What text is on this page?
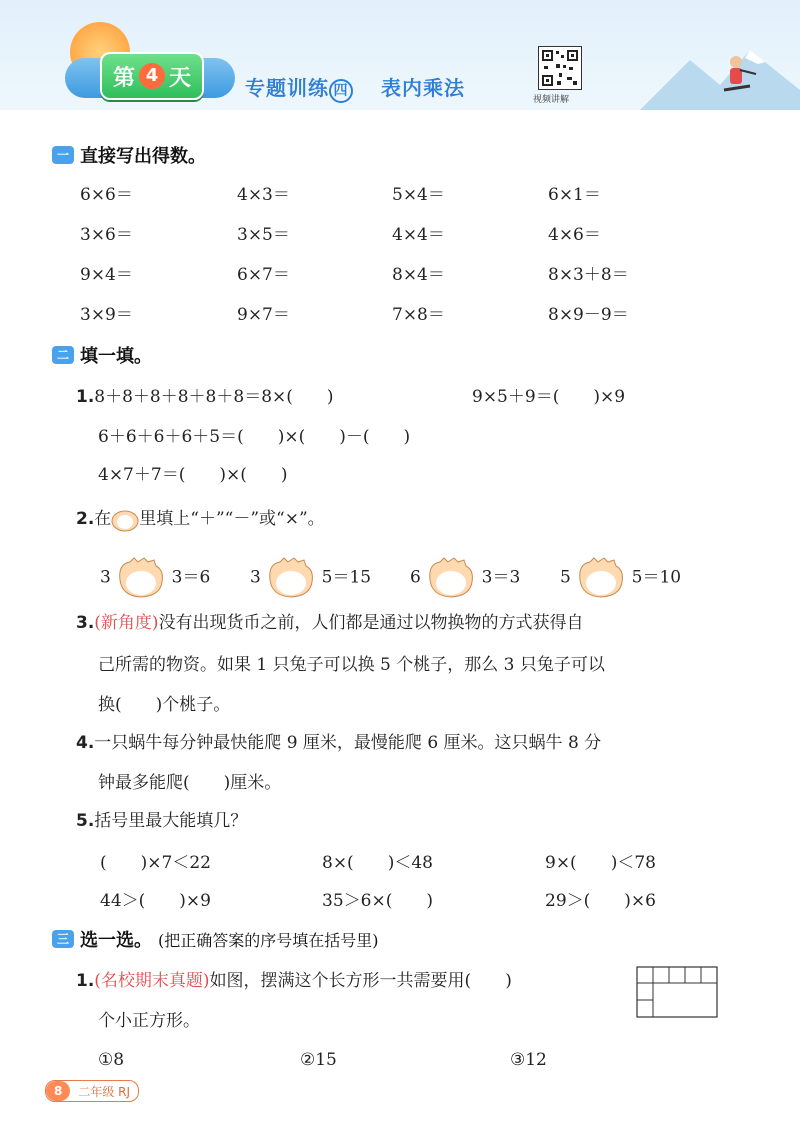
第 4 天	专题训练 四 表内乘法	视频讲解
一 直接写出得数。
6×6＝	4×3＝	5×4＝	6×1＝
3×6＝	3×5＝	4×4＝	4×6＝
9×4＝	6×7＝	8×4＝	8×3＋8＝
3×9＝	9×7＝	7×8＝	8×9－9＝
二 填一填。
1.8＋8＋8＋8＋8＋8＝8×(　　)	9×5＋9＝(　　)×9
6＋6＋6＋6＋5＝(　　)×(　　)－(　　)
4×7＋7＝(　　)×(　　)
2.在 里填上“＋”“－”或“×”。
3	3＝6 3	5＝15 6	3＝3 5	5＝10
3.(新角度)没有出现货币之前，人们都是通过以物换物的方式获得自
己所需的物资。如果 1 只兔子可以换 5 个桃子，那么 3 只兔子可以
换(　　)个桃子。
4.一只蜗牛每分钟最快能爬 9 厘米，最慢能爬 6 厘米。这只蜗牛 8 分
钟最多能爬(　　)厘米。
5.括号里最大能填几？
(　　)×7＜22	8×(　　)＜48	9×(　　)＜78
44＞(　　)×9	35＞6×(　　)	29＞(　　)×6
三 选一选。 (把正确答案的序号填在括号里)
1.(名校期末真题)如图，摆满这个长方形一共需要用(　　)
个小正方形。
①8	②15	③12
8	二年级 RJ
